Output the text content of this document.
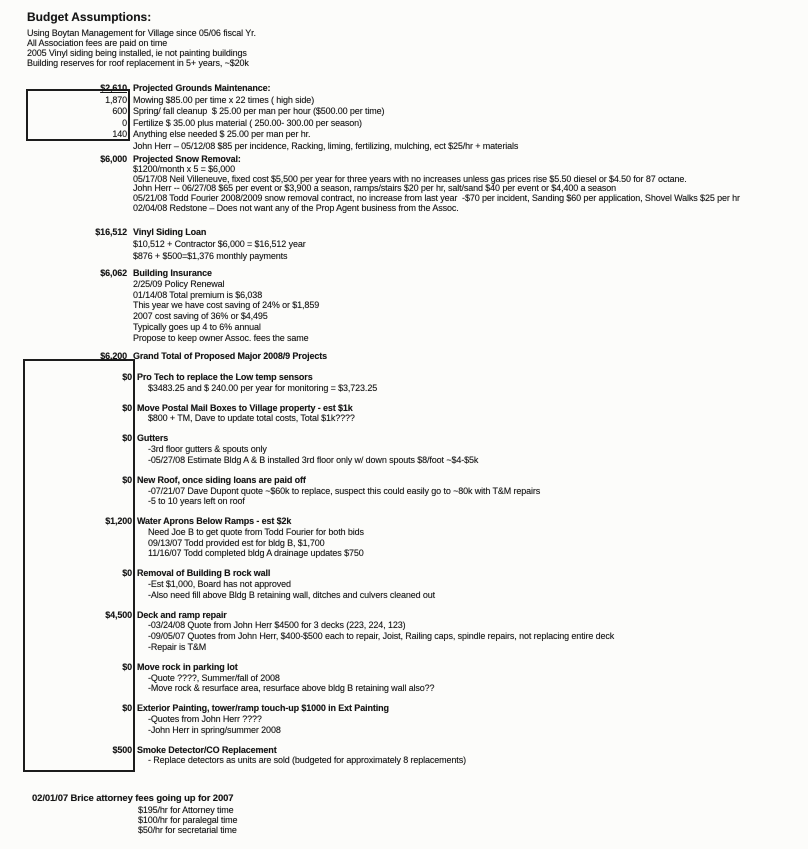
Budget Assumptions:
Using Boytan Management for Village since 05/06 fiscal Yr.
All Association fees are paid on time
2005 Vinyl siding being installed, ie not painting buildings
Building reserves for roof replacement in 5+ years, ~$20k
$2,610 Projected Grounds Maintenance:
1,870 Mowing $85.00 per time x 22 times ( high side)
600 Spring/ fall cleanup  $ 25.00 per man per hour ($500.00 per time)
0 Fertilize $ 35.00 plus material ( 250.00- 300.00 per season)
140 Anything else needed $ 25.00 per man per hr.
John Herr – 05/12/08 $85 per incidence, Racking, liming, fertilizing, mulching, ect $25/hr + materials
$6,000 Projected Snow Removal:
$1200/month x 5 = $6,000
05/17/08 Neil Villeneuve, fixed cost $5,500 per year for three years with no increases unless gas prices rise $5.50 diesel or $4.50 for 87 octane.
John Herr -- 06/27/08 $65 per event or $3,900 a season, ramps/stairs $20 per hr, salt/sand $40 per event or $4,400 a season
05/21/08 Todd Fourier 2008/2009 snow removal contract, no increase from last year  -$70 per incident, Sanding $60 per application, Shovel Walks $25 per hr
02/04/08 Redstone – Does not want any of the Prop Agent business from the Assoc.
$16,512 Vinyl Siding Loan
$10,512 + Contractor $6,000 = $16,512 year
$876 + $500=$1,376 monthly payments
$6,062 Building Insurance
2/25/09 Policy Renewal
01/14/08 Total premium is $6,038
This year we have cost saving of 24% or $1,859
2007 cost saving of 36% or $4,495
Typically goes up 4 to 6% annual
Propose to keep owner Assoc. fees the same
$6,200 Grand Total of Proposed Major 2008/9 Projects
$0 Pro Tech to replace the Low temp sensors
$3483.25 and $ 240.00 per year for monitoring = $3,723.25
$0 Move Postal Mail Boxes to Village property - est $1k
$800 + TM, Dave to update total costs, Total $1k????
$0 Gutters
-3rd floor gutters & spouts only
-05/27/08 Estimate Bldg A & B installed 3rd floor only w/ down spouts $8/foot ~$4-$5k
$0 New Roof, once siding loans are paid off
-07/21/07 Dave Dupont quote ~$60k to replace, suspect this could easily go to ~80k with T&M repairs
-5 to 10 years left on roof
$1,200 Water Aprons Below Ramps - est $2k
Need Joe B to get quote from Todd Fourier for both bids
09/13/07 Todd provided est for bldg B, $1,700
11/16/07 Todd completed bldg A drainage updates $750
$0 Removal of Building B rock wall
-Est $1,000, Board has not approved
-Also need fill above Bldg B retaining wall, ditches and culvers cleaned out
$4,500 Deck and ramp repair
-03/24/08 Quote from John Herr $4500 for 3 decks (223, 224, 123)
-09/05/07 Quotes from John Herr, $400-$500 each to repair, Joist, Railing caps, spindle repairs, not replacing entire deck
-Repair is T&M
$0 Move rock in parking lot
-Quote ????, Summer/fall of 2008
-Move rock & resurface area, resurface above bldg B retaining wall also??
$0 Exterior Painting, tower/ramp touch-up $1000 in Ext Painting
-Quotes from John Herr ????
-John Herr in spring/summer 2008
$500 Smoke Detector/CO Replacement
- Replace detectors as units are sold (budgeted for approximately 8 replacements)
02/01/07 Brice attorney fees going up for 2007
$195/hr for Attorney time
$100/hr for paralegal time
$50/hr for secretarial time
